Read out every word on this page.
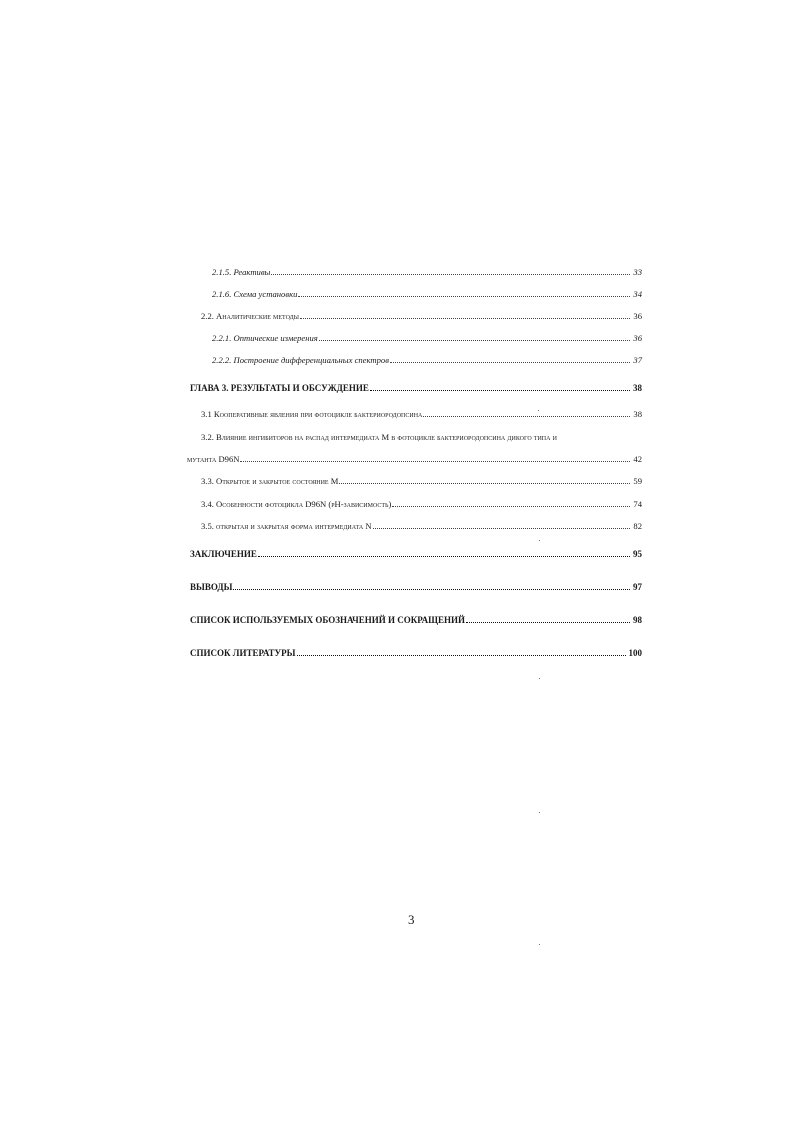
2.1.5. Реактивы	33
2.1.6. Схема установки	34
2.2. Аналитические методы	36
2.2.1. Оптические измерения	36
2.2.2. Построение дифференциальных спектров	37
ГЛАВА 3. РЕЗУЛЬТАТЫ И ОБСУЖДЕНИЕ	38
3.1 Кооперативные явления при фотоцикле бактериородопсина	38
3.2. Влияние ингибиторов на распад интермедиата M в фотоцикле бактериородопсина дикого типа и
мутанта D96N	42
3.3. Открытое и закрытое состояние M	59
3.4. Особенности фотоцикла D96N (pH-зависимость)	74
3.5. открытая и закрытая форма интермедиата N	82
ЗАКЛЮЧЕНИЕ	95
ВЫВОДЫ	97
СПИСОК ИСПОЛЬЗУЕМЫХ ОБОЗНАЧЕНИЙ И СОКРАЩЕНИЙ	98
СПИСОК ЛИТЕРАТУРЫ	100
3
